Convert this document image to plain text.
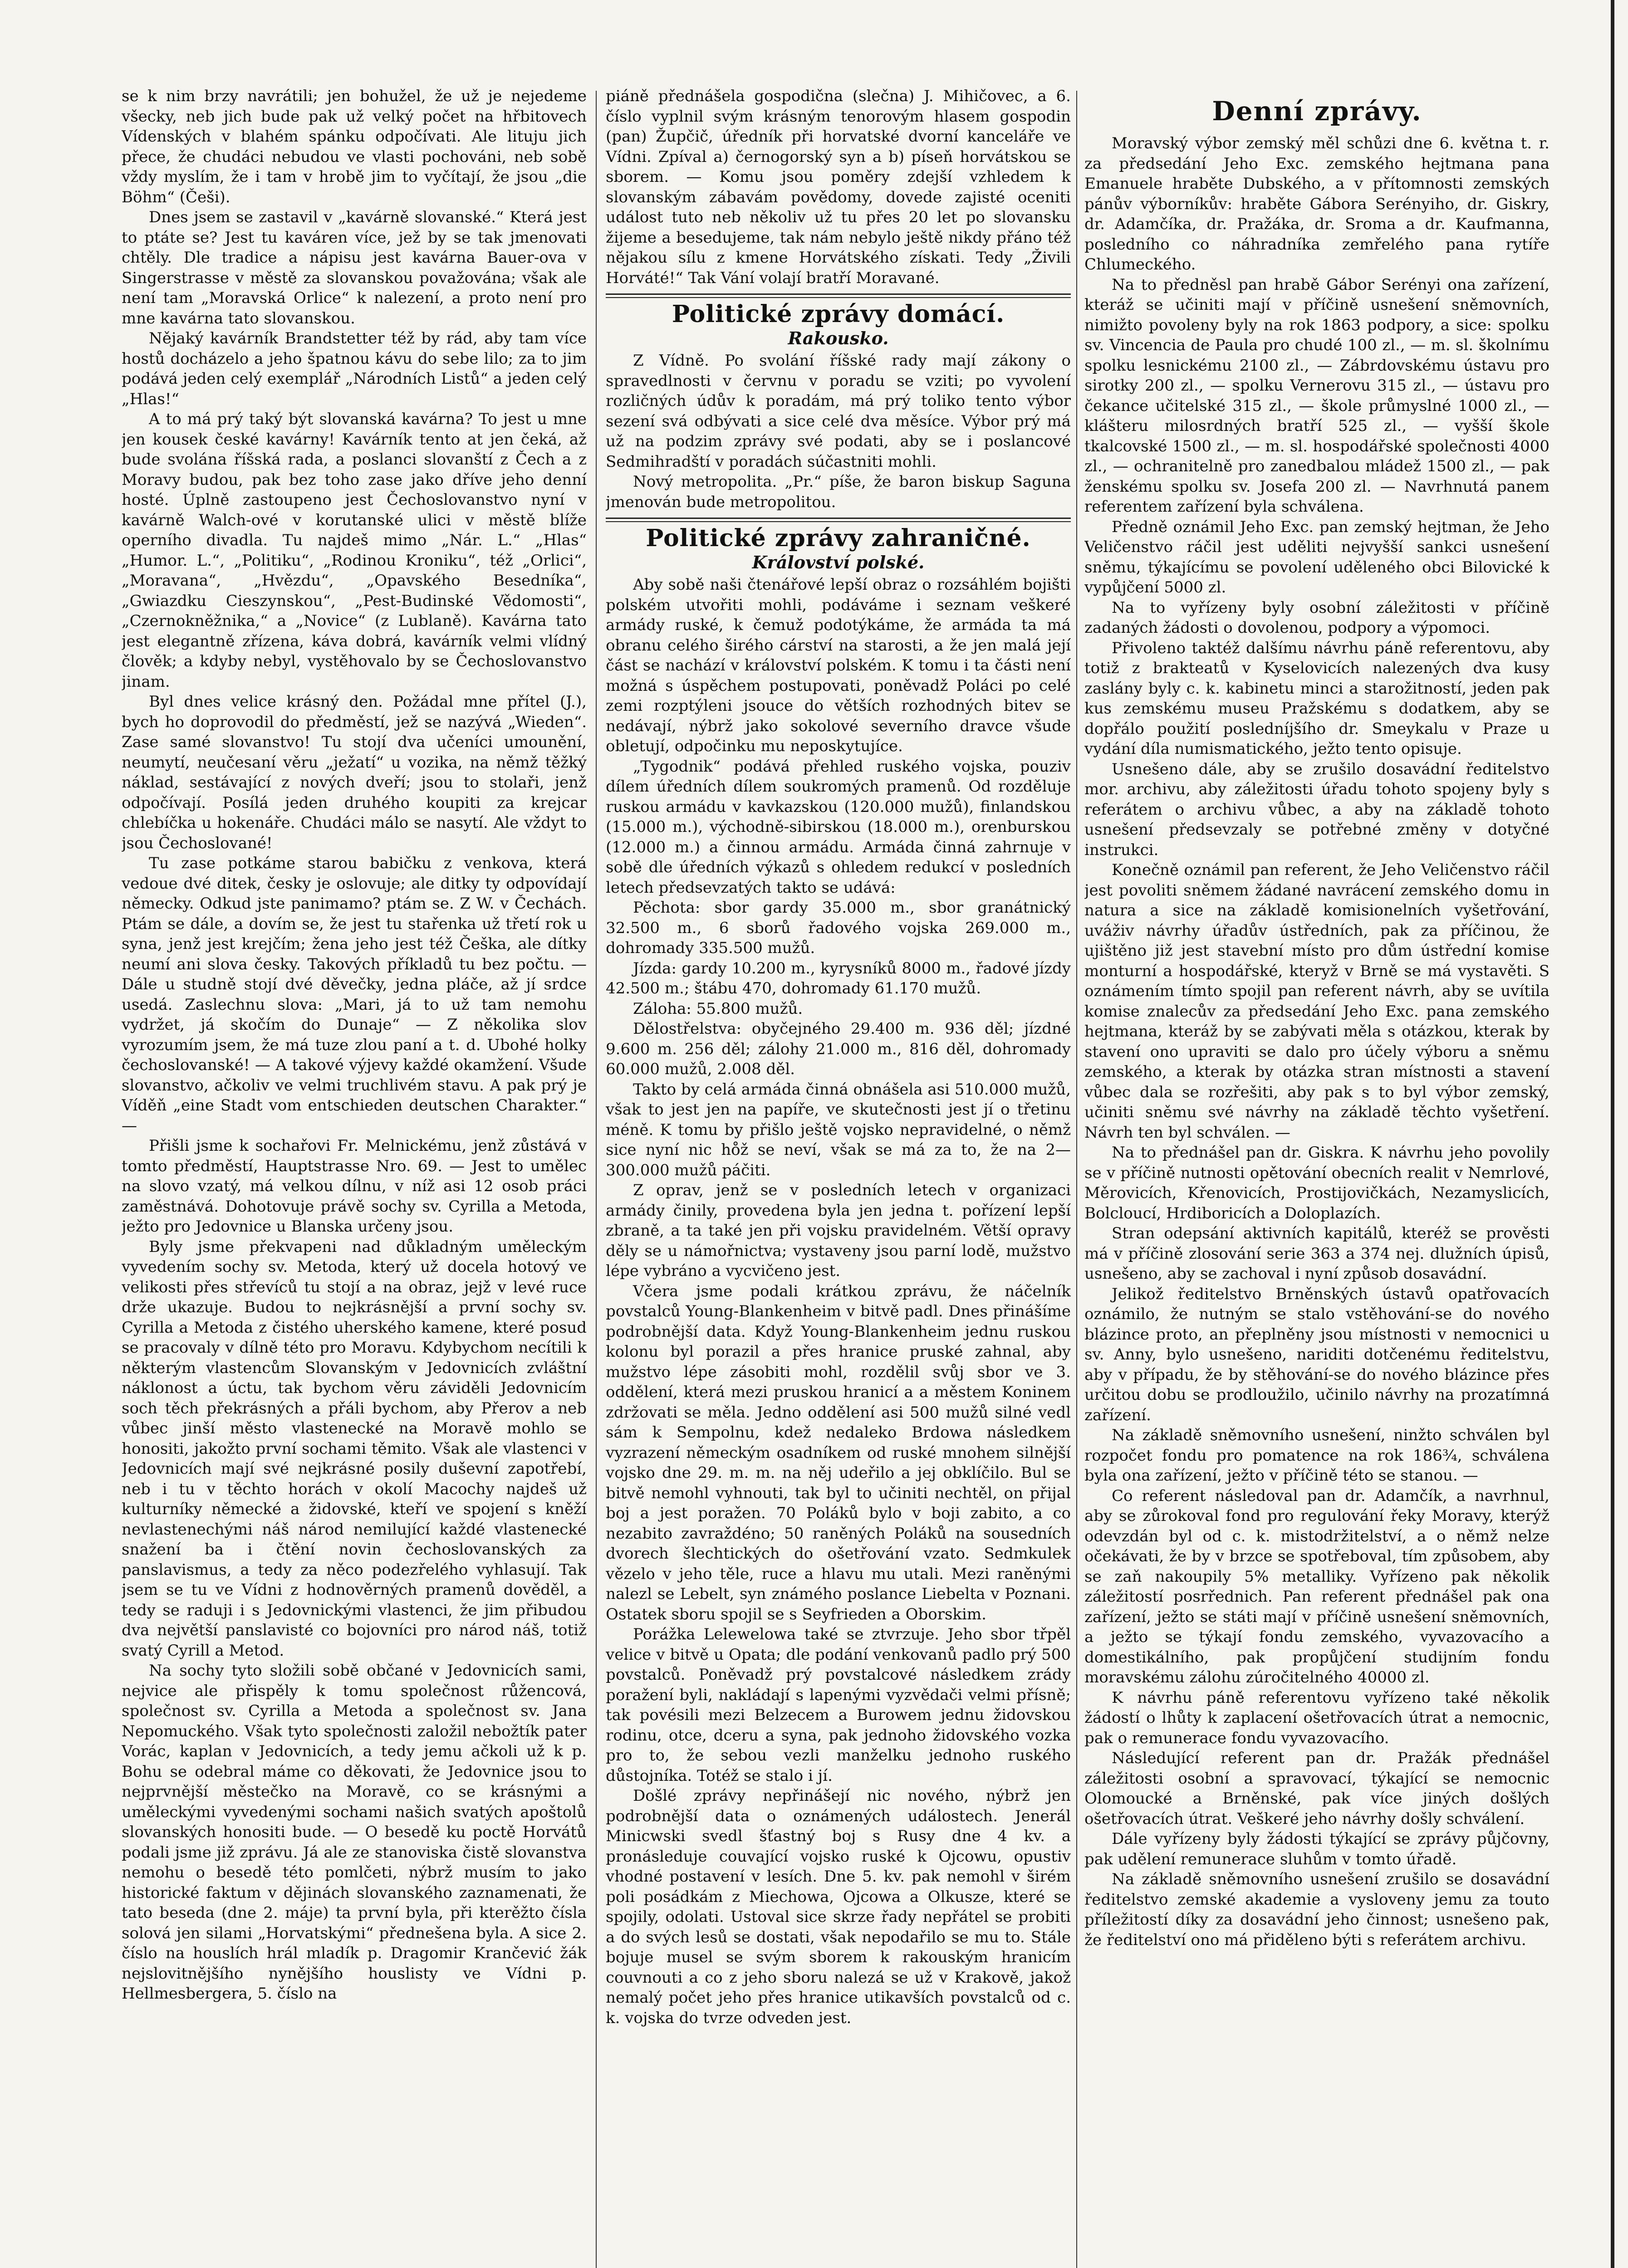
se k nim brzy navrátili; jen bohužel, že už je nejedeme všecky, neb jich bude pak už velký počet na hřbitovech Vídenských v blahém spánku odpočívati. Ale lituju jich přece, že chudáci nebudou ve vlasti pochováni, neb sobě vždy myslím, že i tam v hrobě jim to vyčítají, že jsou „die Böhm“ (Češi).

Dnes jsem se zastavil v „kavárně slovanské.“ Která jest to ptáte se? Jest tu kaváren více, jež by se tak jmenovati chtěly. Dle tradice a nápisu jest kavárna Bauer-ova v Singerstrasse v městě za slovanskou považována; však ale není tam „Moravská Orlice“ k nalezení, a proto není pro mne kavárna tato slovanskou.

Nějaký kavárník Brandstetter též by rád, aby tam více hostů docházelo a jeho špatnou kávu do sebe lilo; za to jim podává jeden celý exemplář „Národních Listů“ a jeden celý „Hlas!“

A to má prý taký být slovanská kavárna? To jest u mne jen kousek české kavárny! Kavárník tento at jen čeká, až bude svolána říšská rada, a poslanci slovanští z Čech a z Moravy budou, pak bez toho zase jako dříve jeho denní hosté. Úplně zastoupeno jest Čechoslovanstvo nyní v kavárně Walch-ové v korutanské ulici v městě blíže operního divadla. Tu najdeš mimo „Nár. L.“ „Hlas“ „Humor. L.“, „Politiku“, „Rodinou Kroniku“, též „Orlici“, „Moravana“, „Hvězdu“, „Opavského Besedníka“, „Gwiazdku Cieszynskou“, „Pest-Budinské Vědomosti“, „Czernokněžnika,“ a „Novice“ (z Lublaně). Kavárna tato jest elegantně zřízena, káva dobrá, kavárník velmi vlídný člověk; a kdyby nebyl, vystěhovalo by se Čechoslovanstvo jinam.

Byl dnes velice krásný den. Požádal mne přítel (J.), bych ho doprovodil do předměstí, jež se nazývá „Wieden“. Zase samé slovanstvo! Tu stojí dva učeníci umounění, neumytí, neučesaní věru „ježatí“ u vozika, na němž těžký náklad, sestávající z nových dveří; jsou to stolaři, jenž odpočívají. Posílá jeden druhého koupiti za krejcar chlebíčka u hokenáře. Chudáci málo se nasytí. Ale vždyt to jsou Čechoslované!

Tu zase potkáme starou babičku z venkova, která vedoue dvé ditek, česky je oslovuje; ale ditky ty odpovídají německy. Odkud jste panimamo? ptám se. Z W. v Čechách. Ptám se dále, a dovím se, že jest tu stařenka už třetí rok u syna, jenž jest krejčím; žena jeho jest též Češka, ale dítky neumí ani slova česky. Takových příkladů tu bez počtu. — Dále u studně stojí dvé děvečky, jedna pláče, až jí srdce usedá. Zaslechnu slova: „Mari, já to už tam nemohu vydržet, já skočím do Dunaje“ — Z několika slov vyrozumím jsem, že má tuze zlou paní a t. d. Ubohé holky čechoslovanské! — A takové výjevy každé okamžení. Všude slovanstvo, ačkoliv ve velmi truchlivém stavu. A pak prý je Víděň „eine Stadt vom entschieden deutschen Charakter.“ —

Přišli jsme k sochařovi Fr. Melnickému, jenž zůstává v tomto předměstí, Hauptstrasse Nro. 69. — Jest to umělec na slovo vzatý, má velkou dílnu, v níž asi 12 osob práci zaměstnává. Dohotovuje právě sochy sv. Cyrilla a Metoda, ježto pro Jedovnice u Blanska určeny jsou.

Byly jsme překvapeni nad důkladným uměleckým vyvedením sochy sv. Metoda, který už docela hotový ve velikosti přes střevíců tu stojí a na obraz, jejž v levé ruce drže ukazuje. Budou to nejkrásnější a první sochy sv. Cyrilla a Metoda z čistého uherského kamene, které posud se pracovaly v dílně této pro Moravu. Kdybychom necítili k některým vlastencům Slovanským v Jedovnicích zvláštní náklonost a úctu, tak bychom věru záviděli Jedovnicím soch těch překrásných a přáli bychom, aby Přerov a neb vůbec jinší město vlastenecké na Moravě mohlo se honositi, jakožto první sochami těmito. Však ale vlastenci v Jedovnicích mají své nejkrásné posily duševní zapotřebí, neb i tu v těchto horách v okolí Macochy najdeš už kulturníky německé a židovské, kteří ve spojení s kněží nevlastenechými náš národ nemilující každé vlastenecké snažení ba i čtění novin čechoslovanských za panslavismus, a tedy za něco podezřelého vyhlasují. Tak jsem se tu ve Vídni z hodnověrných pramenů dověděl, a tedy se raduji i s Jedovnickými vlastenci, že jim přibudou dva největší panslavisté co bojovníci pro národ náš, totiž svatý Cyrill a Metod.

Na sochy tyto složili sobě občané v Jedovnicích sami, nejvice ale přispěly k tomu společnost růžencová, společnost sv. Cyrilla a Metoda a společnost sv. Jana Nepomuckého. Však tyto společnosti založil nebožtík pater Vorác, kaplan v Jedovnicích, a tedy jemu ačkoli už k p. Bohu se odebral máme co děkovati, že Jedovnice jsou to nejprvnější městečko na Moravě, co se krásnými a uměleckými vyvedenými sochami našich svatých apoštolů slovanských honositi bude. — O besedě ku poctě Horvátů podali jsme již zprávu. Já ale ze stanoviska čistě slovanstva nemohu o besedě této pomlčeti, nýbrž musím to jako historické faktum v dějinách slovanského zaznamenati, že tato beseda (dne 2. máje) ta první byla, při kterěžto čísla solová jen silami „Horvatskými“ přednešena byla. A sice 2. číslo na houslích hrál mladík p. Dragomir Krančević žák nejslovitnějšího nynějšího houslisty ve Vídni p. Hellmesbergera, 5. číslo na

piáně přednášela gospodična (slečna) J. Mihičovec, a 6. číslo vyplnil svým krásným tenorovým hlasem gospodin (pan) Župčič, úředník při horvatské dvorní kanceláře ve Vídni. Zpíval a) černogorský syn a b) píseň horvátskou se sborem. — Komu jsou poměry zdejší vzhledem k slovanským zábavám povědomy, dovede zajisté oceniti událost tuto neb několiv už tu přes 20 let po slovansku žijeme a besedujeme, tak nám nebylo ještě nikdy přáno též nějakou sílu z kmene Horvátského získati. Tedy „Živili Horváté!“ Tak Vání volají bratří Moravané.

Politické zprávy domácí.
Rakousko.

Z Vídně. Po svolání říšské rady mají zákony o spravedlnosti v červnu v poradu se vziti; po vyvolení rozličných údův k poradám, má prý toliko tento výbor sezení svá odbývati a sice celé dva měsíce. Výbor prý má už na podzim zprávy své podati, aby se i poslancové Sedmihradští v poradách súčastniti mohli.

Nový metropolita. „Pr.“ píše, že baron biskup Saguna jmenován bude metropolitou.

Politické zprávy zahraničné.
Království polské.

Aby sobě naši čtenářové lepší obraz o rozsáhlém bojišti polském utvořiti mohli, podáváme i seznam veškeré armády ruské, k čemuž podotýkáme, že armáda ta má obranu celého širého cárství na starosti, a že jen malá její část se nachází v království polském. K tomu i ta části není možná s úspěchem postupovati, poněvadž Poláci po celé zemi rozptýleni jsouce do větších rozhodných bitev se nedávají, nýbrž jako sokolové severního dravce všude obletují, odpočinku mu neposkytujíce.

„Tygodnik“ podává přehled ruského vojska, pouziv dílem úředních dílem soukromých pramenů. Od rozděluje ruskou armádu v kavkazskou (120.000 mužů), finlandskou (15.000 m.), východně-sibirskou (18.000 m.), orenburskou (12.000 m.) a činnou armádu. Armáda činná zahrnuje v sobě dle úředních výkazů s ohledem redukcí v posledních letech předsevzatých takto se udává:

Pěchota: sbor gardy 35.000 m., sbor granátnický 32.500 m., 6 sborů řadového vojska 269.000 m., dohromady 335.500 mužů.

Jízda: gardy 10.200 m., kyrysníků 8000 m., řadové jízdy 42.500 m.; štábu 470, dohromady 61.170 mužů.

Záloha: 55.800 mužů.

Dělostřelstva: obyčejného 29.400 m. 936 děl; jízdné 9.600 m. 256 děl; zálohy 21.000 m., 816 děl, dohromady 60.000 mužů, 2.008 děl.

Takto by celá armáda činná obnášela asi 510.000 mužů, však to jest jen na papíře, ve skutečnosti jest jí o třetinu méně. K tomu by přišlo ještě vojsko nepravidelné, o němž sice nyní nic ho̊ž se neví, však se má za to, že na 2—300.000 mužů páčiti.

Z oprav, jenž se v posledních letech v organizaci armády činily, provedena byla jen jedna t. pořízení lepší zbraně, a ta také jen při vojsku pravidelném. Větší opravy děly se u námořnictva; vystaveny jsou parní lodě, mužstvo lépe vybráno a vycvičeno jest.

Včera jsme podali krátkou zprávu, že náčelník povstalců Young-Blankenheim v bitvě padl. Dnes přinášíme podrobnější data. Když Young-Blankenheim jednu ruskou kolonu byl porazil a přes hranice pruské zahnal, aby mužstvo lépe zásobiti mohl, rozdělil svůj sbor ve 3. oddělení, která mezi pruskou hranicí a a městem Koninem zdržovati se měla. Jedno oddělení asi 500 mužů silné vedl sám k Sempolnu, kdež nedaleko Brdowa následkem vyzrazení německým osadníkem od ruské mnohem silnější vojsko dne 29. m. m. na něj udeřilo a jej obklíčilo. Bul se bitvě nemohl vyhnouti, tak byl to učiniti nechtěl, on přijal boj a jest poražen. 70 Poláků bylo v boji zabito, a co nezabito zavraždéno; 50 raněných Poláků na sousedních dvorech šlechtických do ošetřování vzato. Sedmkulek vězelo v jeho těle, ruce a hlavu mu utali. Mezi raněnými nalezl se Lebelt, syn známého poslance Liebelta v Poznani. Ostatek sboru spojil se s Seyfrieden a Oborskim.

Porážka Lelewelowa také se ztvrzuje. Jeho sbor třpěl velice v bitvě u Opata; dle podání venkovanů padlo prý 500 povstalců. Poněvadž prý povstalcové následkem zrády poražení byli, nakládají s lapenými vyzvědači velmi přísně; tak povésili mezi Belzecem a Burowem jednu židovskou rodinu, otce, dceru a syna, pak jednoho židovského vozka pro to, že sebou vezli manželku jednoho ruského důstojníka. Totéž se stalo i jí.

Došlé zprávy nepřinášejí nic nového, nýbrž jen podrobnější data o oznámených událostech. Jenerál Minicwski svedl šťastný boj s Rusy dne 4 kv. a pronásleduje couvající vojsko ruské k Ojcowu, opustiv vhodné postavení v lesích. Dne 5. kv. pak nemohl v širém poli posádkám z Miechowa, Ojcowa a Olkusze, které se spojily, odolati. Ustoval sice skrze řady nepřátel se probiti a do svých lesů se dostati, však nepodařilo se mu to. Stále bojuje musel se svým sborem k rakouským hranicím couvnouti a co z jeho sboru nalezá se už v Krakově, jakož nemalý počet jeho přes hranice utikavších povstalců od c. k. vojska do tvrze odveden jest.

Denní zprávy.

Moravský výbor zemský měl schůzi dne 6. května t. r. za předsedání Jeho Exc. zemského hejtmana pana Emanuele hraběte Dubského, a v přítomnosti zemských pánův výborníkův: hraběte Gábora Serényiho, dr. Giskry, dr. Adamčíka, dr. Pražáka, dr. Sroma a dr. Kaufmanna, posledního co náhradníka zemřelého pana rytíře Chlumeckého.

Na to předněsl pan hrabě Gábor Serényi ona zařízení, kteráž se učiniti mají v příčině usnešení sněmovních, nimižto povoleny byly na rok 1863 podpory, a sice: spolku sv. Vincencia de Paula pro chudé 100 zl., — m. sl. školnímu spolku lesnickému 2100 zl., — Zábrdovskému ústavu pro sirotky 200 zl., — spolku Vernerovu 315 zl., — ústavu pro čekance učitelské 315 zl., — škole průmyslné 1000 zl., — klášteru milosrdných bratří 525 zl., — vyšší škole tkalcovské 1500 zl., — m. sl. hospodářské společnosti 4000 zl., — ochranitelně pro zanedbalou mládež 1500 zl., — pak ženskému spolku sv. Josefa 200 zl. — Navrhnutá panem referentem zařízení byla schválena.

Předně oznámil Jeho Exc. pan zemský hejtman, že Jeho Veličenstvo ráčil jest uděliti nejvyšší sankci usnešení sněmu, týkajícímu se povolení uděleného obci Bilovické k vypůjčení 5000 zl.

Na to vyřízeny byly osobní záležitosti v příčině zadaných žádosti o dovolenou, podpory a výpomoci.

Přivoleno taktéž dalšímu návrhu páně referentovu, aby totiž z brakteatů v Kyselovicích nalezených dva kusy zaslány byly c. k. kabinetu minci a starožitností, jeden pak kus zemskému museu Pražskému s dodatkem, aby se dopřálo použití posledníjšího dr. Smeykalu v Praze u vydání díla numismatického, ježto tento opisuje.

Usnešeno dále, aby se zrušilo dosavádní ředitelstvo mor. archivu, aby záležitosti úřadu tohoto spojeny byly s referátem o archivu vůbec, a aby na základě tohoto usnešení předsevzaly se potřebné změny v dotyčné instrukci.

Konečně oznámil pan referent, že Jeho Veličenstvo ráčil jest povoliti sněmem žádané navrácení zemského domu in natura a sice na základě komisionelních vyšetřování, uváživ návrhy úřadův ústředních, pak za příčinou, že ujištěno již jest stavební místo pro dům ústřední komise monturní a hospodářské, kteryž v Brně se má vystavěti. S oznámením tímto spojil pan referent návrh, aby se uvítila komise znalecův za předsedání Jeho Exc. pana zemského hejtmana, kteráž by se zabývati měla s otázkou, kterak by stavení ono upraviti se dalo pro účely výboru a sněmu zemského, a kterak by otázka stran místnosti a stavení vůbec dala se rozřešiti, aby pak s to byl výbor zemský, učiniti sněmu své návrhy na základě těchto vyšetření. Návrh ten byl schválen. —

Na to přednášel pan dr. Giskra. K návrhu jeho povolily se v příčině nutnosti opětování obecních realit v Nemrlové, Měrovicích, Křenovicích, Prostijovičkách, Nezamyslicích, Bolcloucí, Hrdiboricích a Doloplazích.

Stran odepsání aktivních kapitálů, kteréž se prověsti má v příčině zlosování serie 363 a 374 nej. dlužních úpisů, usnešeno, aby se zachoval i nyní způsob dosavádní.

Jelikož ředitelstvo Brněnských ústavů opatřovacích oznámilo, že nutným se stalo vstěhování-se do nového blázince proto, an přeplněny jsou místnosti v nemocnici u sv. Anny, bylo usnešeno, nariditi dotčenému ředitelstvu, aby v případu, že by stěhování-se do nového blázince přes určitou dobu se prodloužilo, učinilo návrhy na prozatímná zařízení.

Na základě sněmovního usnešení, ninžto schválen byl rozpočet fondu pro pomatence na rok 186¾, schválena byla ona zařízení, ježto v příčině této se stanou. —

Co referent následoval pan dr. Adamčík, a navrhnul, aby se zůrokoval fond pro regulování řeky Moravy, kterýž odevzdán byl od c. k. mistodržitelství, a o němž nelze očekávati, že by v brzce se spotřeboval, tím způsobem, aby se zaň nakoupily 5% metalliky. Vyřízeno pak několik záležitostí posrřednich. Pan referent přednášel pak ona zařízení, ježto se státi mají v příčině usnešení sněmovních, a ježto se týkají fondu zemského, vyvazovacího a domestikálního, pak propůjčení studijním fondu moravskému zálohu zúročitelného 40000 zl.

K návrhu páně referentovu vyřízeno také několik žádostí o lhůty k zaplacení ošetřovacích útrat a nemocnic, pak o remunerace fondu vyvazovacího.

Následující referent pan dr. Pražák přednášel záležitosti osobní a spravovací, týkající se nemocnic Olomoucké a Brněnské, pak více jiných došlých ošetřovacích útrat. Veškeré jeho návrhy došly schválení.

Dále vyřízeny byly žádosti týkající se zprávy půjčovny, pak udělení remunerace sluhům v tomto úřadě.

Na základě sněmovního usnešení zrušilo se dosavádní ředitelstvo zemské akademie a vysloveny jemu za touto příležitostí díky za dosavádní jeho činnost; usnešeno pak, že ředitelství ono má přiděleno býti s referátem archivu.
